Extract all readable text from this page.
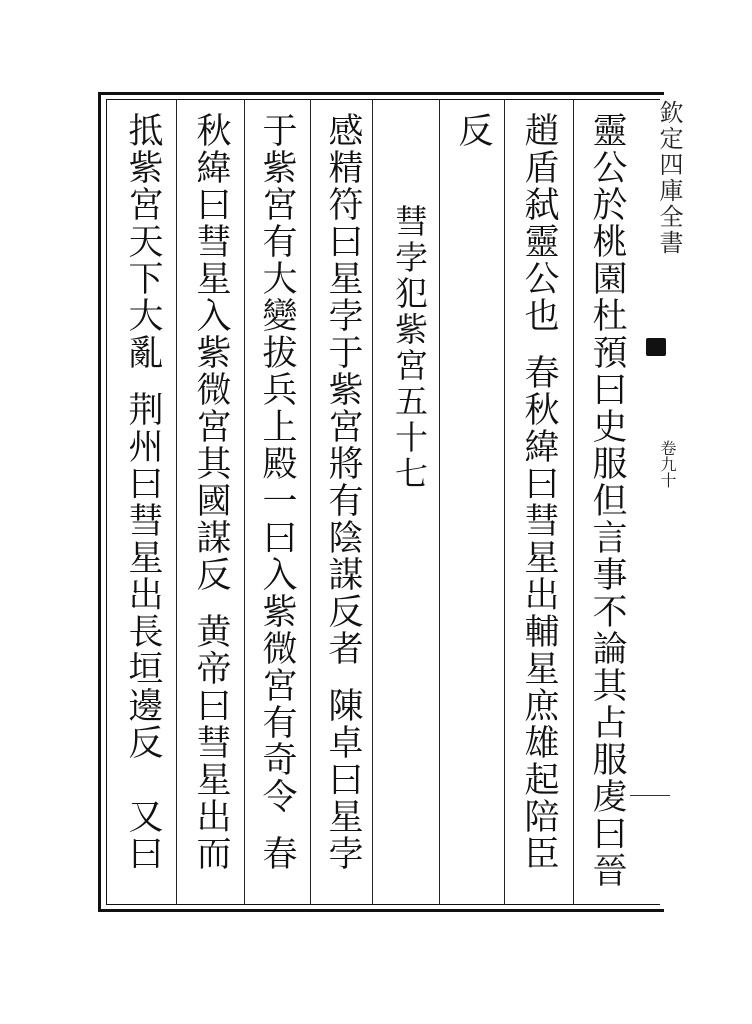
欽定四庫全書
卷九十
靈公於桃園杜預曰史服但言事不論其占服䖍曰晉
趙盾弑靈公也春秋緯曰彗星出輔星庶雄起陪臣
反
彗孛犯紫宮五十七
感精符曰星孛于紫宮將有陰謀反者陳卓曰星孛
于紫宮有大變拔兵上殿一曰入紫微宮有奇令春
秋緯曰彗星入紫微宮其國謀反黄帝曰彗星出而
抵紫宮天下大亂荆州曰彗星出長垣邊反　又曰
